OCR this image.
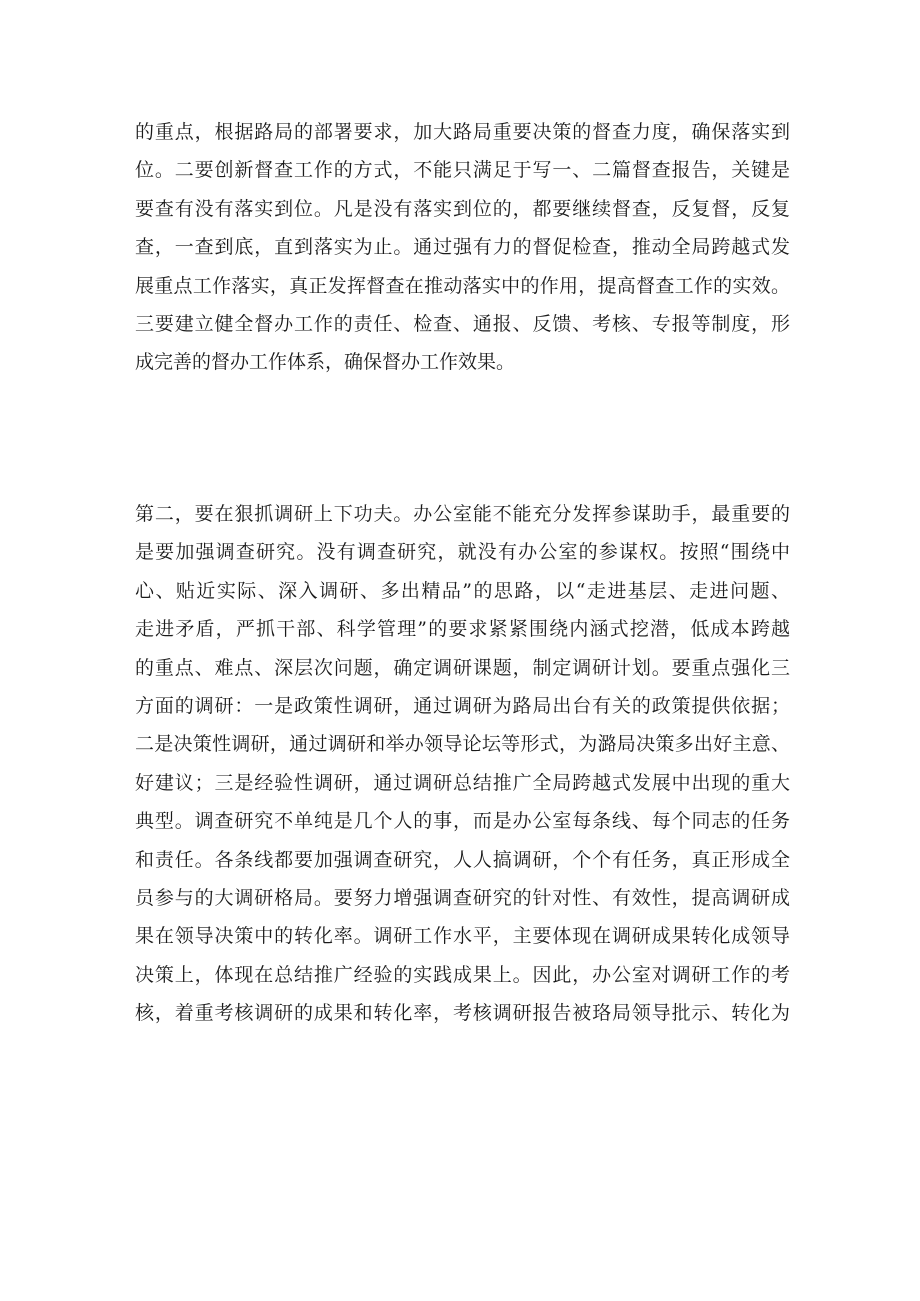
的重点，根据路局的部署要求，加大路局重要决策的督查力度，确保落实到
位。二要创新督查工作的方式，不能只满足于写一、二篇督查报告，关键是
要查有没有落实到位。凡是没有落实到位的，都要继续督查，反复督，反复
查，一查到底，直到落实为止。通过强有力的督促检查，推动全局跨越式发
展重点工作落实，真正发挥督查在推动落实中的作用，提高督查工作的实效。
三要建立健全督办工作的责任、检查、通报、反馈、考核、专报等制度，形
成完善的督办工作体系，确保督办工作效果。
第二，要在狠抓调研上下功夫。办公室能不能充分发挥参谋助手，最重要的
是要加强调查研究。没有调查研究，就没有办公室的参谋权。按照“围绕中
心、贴近实际、深入调研、多出精品”的思路，以“走进基层、走进问题、
走进矛盾，严抓干部、科学管理”的要求紧紧围绕内涵式挖潜，低成本跨越
的重点、难点、深层次问题，确定调研课题，制定调研计划。要重点强化三
方面的调研：一是政策性调研，通过调研为路局出台有关的政策提供依据；
二是决策性调研，通过调研和举办领导论坛等形式，为潞局决策多出好主意、
好建议；三是经验性调研，通过调研总结推广全局跨越式发展中出现的重大
典型。调查研究不单纯是几个人的事，而是办公室每条线、每个同志的任务
和责任。各条线都要加强调查研究，人人搞调研，个个有任务，真正形成全
员参与的大调研格局。要努力增强调查研究的针对性、有效性，提高调研成
果在领导决策中的转化率。调研工作水平，主要体现在调研成果转化成领导
决策上，体现在总结推广经验的实践成果上。因此，办公室对调研工作的考
核，着重考核调研的成果和转化率，考核调研报告被珞局领导批示、转化为
